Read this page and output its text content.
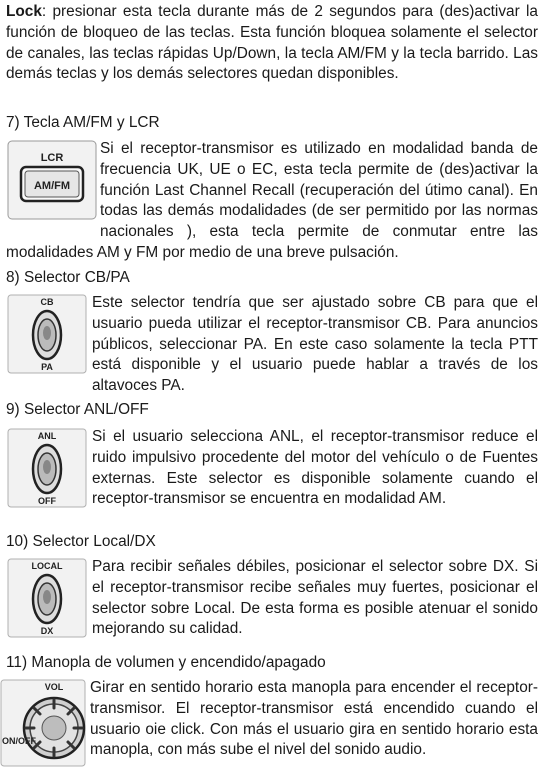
Lock: presionar esta tecla durante más de 2 segundos para (des)activar la función de bloqueo de las teclas. Esta función bloquea solamente el selector de canales, las teclas rápidas Up/Down, la tecla AM/FM y la tecla barrido. Las demás teclas y los demás selectores quedan disponibles.

7) Tecla AM/FM y LCR

LCR
AM/FM

Si el receptor-transmisor es utilizado en modalidad banda de frecuencia UK, UE o EC, esta tecla permite de (des)activar la función Last Channel Recall (recuperación del útimo canal). En todas las demás modalidades (de ser permitido por las normas nacionales ), esta tecla permite de conmutar entre las modalidades AM y FM por medio de una breve pulsación.

8) Selector CB/PA

CB
PA

Este selector tendría que ser ajustado sobre CB para que el usuario pueda utilizar el receptor-transmisor CB. Para anuncios públicos, seleccionar PA. En este caso solamente la tecla PTT está disponible y el usuario puede hablar a través de los altavoces PA.

9) Selector ANL/OFF

ANL
OFF

Si el usuario selecciona ANL, el receptor-transmisor reduce el ruido impulsivo procedente del motor del vehículo o de Fuentes externas. Este selector es disponible solamente cuando el receptor-transmisor se encuentra en modalidad AM.

10) Selector Local/DX

LOCAL
DX

Para recibir señales débiles, posicionar el selector sobre DX. Si el receptor-transmisor recibe señales muy fuertes, posicionar el selector sobre Local. De esta forma es posible atenuar el sonido mejorando su calidad.

11) Manopla de volumen y encendido/apagado

VOL
ON/OFF

Girar en sentido horario esta manopla para encender el receptor-transmisor. El receptor-transmisor está encendido cuando el usuario oie click. Con más el usuario gira en sentido horario esta manopla, con más sube el nivel del sonido audio.
